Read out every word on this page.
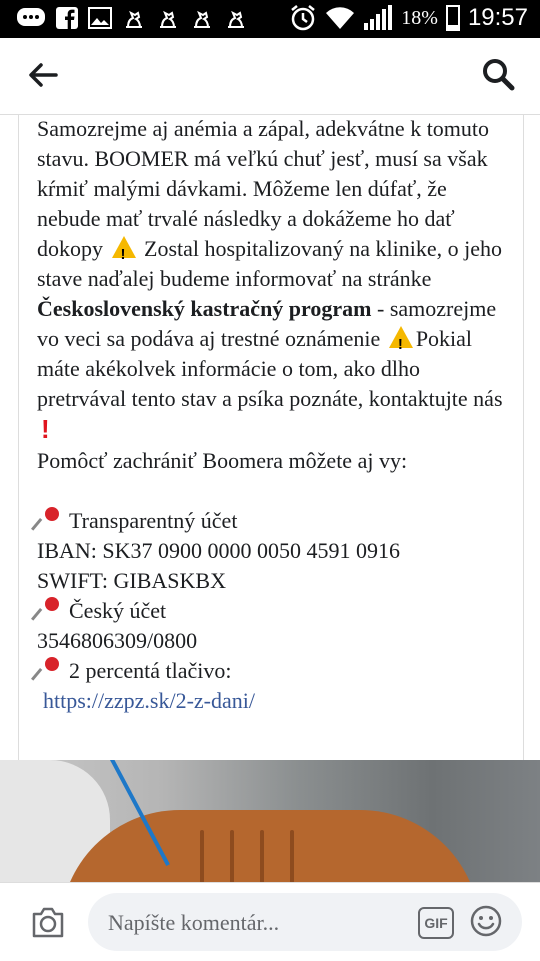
18% 19:57

Samozrejme aj anémia a zápal, adekvátne k tomuto stavu. BOOMER má veľkú chuť jesť, musí sa však kŕmiť malými dávkami. Môžeme len dúfať, že nebude mať trvalé následky a dokážeme ho dať dokopy ! Zostal hospitalizovaný na klinike, o jeho stave naďalej budeme informovať na stránke Československý kastračný program - samozrejme vo veci sa podáva aj trestné oznámenie ! Pokial máte akékolvek informácie o tom, ako dlho pretrvával tento stav a psíka poznáte, kontaktujte nás !

Pomôcť zachrániť Boomera môžete aj vy:

Transparentný účet

IBAN: SK37 0900 0000 0050 4591 0916

SWIFT: GIBASKBX

Český účet

3546806309/0800

2 percentá tlačivo:

https://zzpz.sk/2-z-dani/

Napíšte komentár...
GIF
